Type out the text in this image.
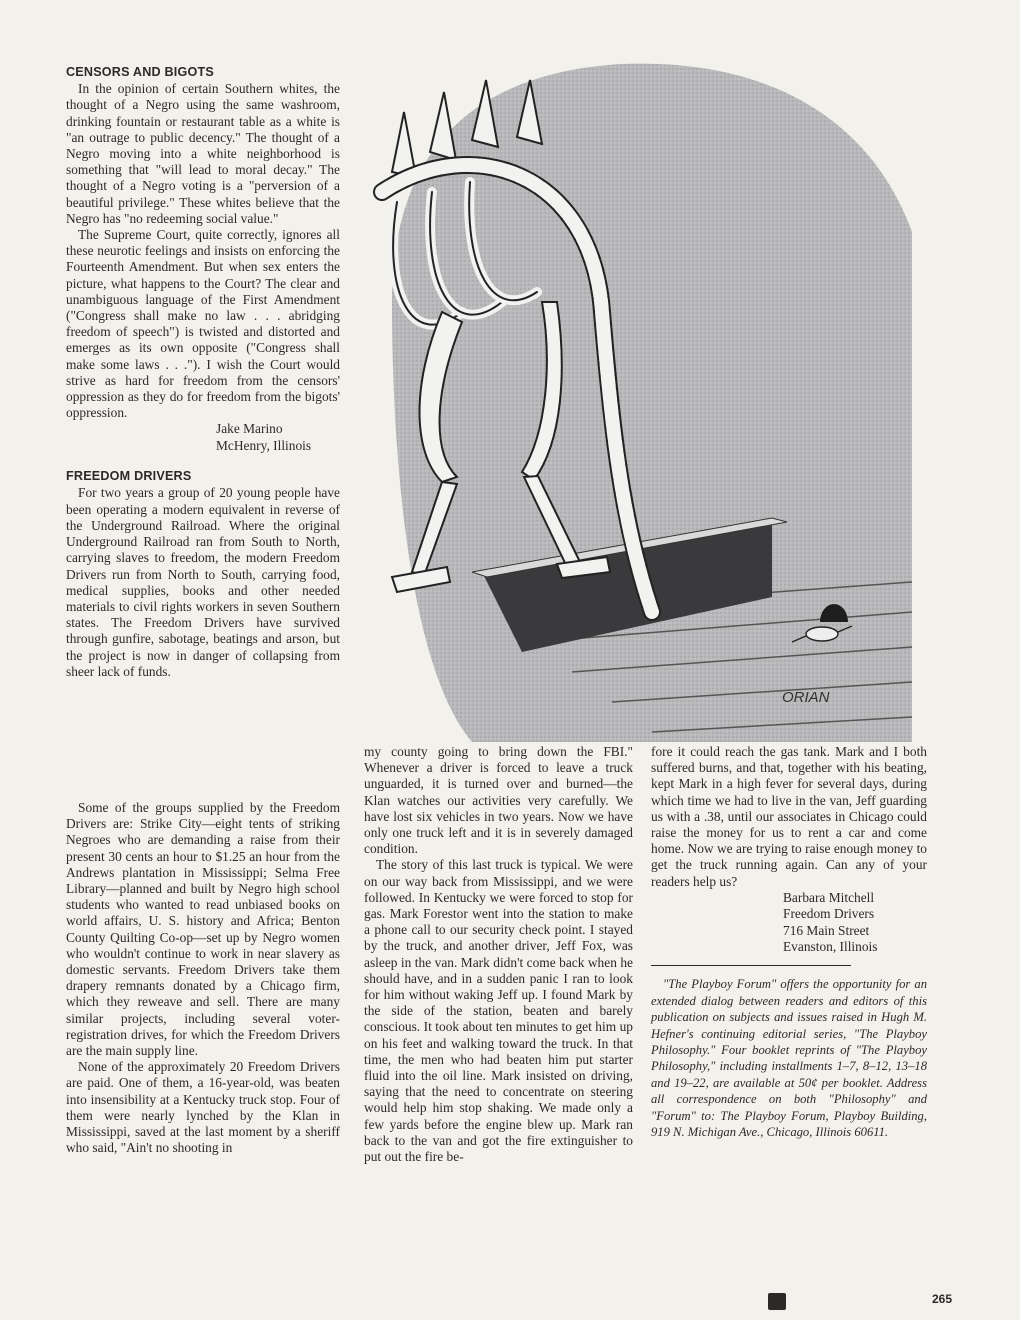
CENSORS AND BIGOTS

In the opinion of certain Southern whites, the thought of a Negro using the same washroom, drinking fountain or restaurant table as a white is "an outrage to public decency." The thought of a Negro moving into a white neighborhood is something that "will lead to moral decay." The thought of a Negro voting is a "perversion of a beautiful privilege." These whites believe that the Negro has "no redeeming social value."

The Supreme Court, quite correctly, ignores all these neurotic feelings and insists on enforcing the Fourteenth Amendment. But when sex enters the picture, what happens to the Court? The clear and unambiguous language of the First Amendment ("Congress shall make no law . . . abridging freedom of speech") is twisted and distorted and emerges as its own opposite ("Congress shall make some laws . . ."). I wish the Court would strive as hard for freedom from the censors' oppression as they do for freedom from the bigots' oppression.

Jake Marino
McHenry, Illinois
FREEDOM DRIVERS

For two years a group of 20 young people have been operating a modern equivalent in reverse of the Underground Railroad. Where the original Underground Railroad ran from South to North, carrying slaves to freedom, the modern Freedom Drivers run from North to South, carrying food, medical supplies, books and other needed materials to civil rights workers in seven Southern states. The Freedom Drivers have survived through gunfire, sabotage, beatings and arson, but the project is now in danger of collapsing from sheer lack of funds.

Some of the groups supplied by the Freedom Drivers are: Strike City—eight tents of striking Negroes who are demanding a raise from their present 30 cents an hour to $1.25 an hour from the Andrews plantation in Mississippi; Selma Free Library—planned and built by Negro high school students who wanted to read unbiased books on world affairs, U. S. history and Africa; Benton County Quilting Co-op—set up by Negro women who wouldn't continue to work in near slavery as domestic servants. Freedom Drivers take them drapery remnants donated by a Chicago firm, which they reweave and sell. There are many similar projects, including several voter-registration drives, for which the Freedom Drivers are the main supply line.

None of the approximately 20 Freedom Drivers are paid. One of them, a 16-year-old, was beaten into insensibility at a Kentucky truck stop. Four of them were nearly lynched by the Klan in Mississippi, saved at the last moment by a sheriff who said, "Ain't no shooting in

ORIAN

my county going to bring down the FBI." Whenever a driver is forced to leave a truck unguarded, it is turned over and burned—the Klan watches our activities very carefully. We have lost six vehicles in two years. Now we have only one truck left and it is in severely damaged condition.

The story of this last truck is typical. We were on our way back from Mississippi, and we were followed. In Kentucky we were forced to stop for gas. Mark Forestor went into the station to make a phone call to our security check point. I stayed by the truck, and another driver, Jeff Fox, was asleep in the van. Mark didn't come back when he should have, and in a sudden panic I ran to look for him without waking Jeff up. I found Mark by the side of the station, beaten and barely conscious. It took about ten minutes to get him up on his feet and walking toward the truck. In that time, the men who had beaten him put starter fluid into the oil line. Mark insisted on driving, saying that the need to concentrate on steering would help him stop shaking. We made only a few yards before the engine blew up. Mark ran back to the van and got the fire extinguisher to put out the fire be-

fore it could reach the gas tank. Mark and I both suffered burns, and that, together with his beating, kept Mark in a high fever for several days, during which time we had to live in the van, Jeff guarding us with a .38, until our associates in Chicago could raise the money for us to rent a car and come home. Now we are trying to raise enough money to get the truck running again. Can any of your readers help us?

Barbara Mitchell
Freedom Drivers
716 Main Street
Evanston, Illinois
"The Playboy Forum" offers the opportunity for an extended dialog between readers and editors of this publication on subjects and issues raised in Hugh M. Hefner's continuing editorial series, "The Playboy Philosophy." Four booklet reprints of "The Playboy Philosophy," including installments 1–7, 8–12, 13–18 and 19–22, are available at 50¢ per booklet. Address all correspondence on both "Philosophy" and "Forum" to: The Playboy Forum, Playboy Building, 919 N. Michigan Ave., Chicago, Illinois 60611.
265
